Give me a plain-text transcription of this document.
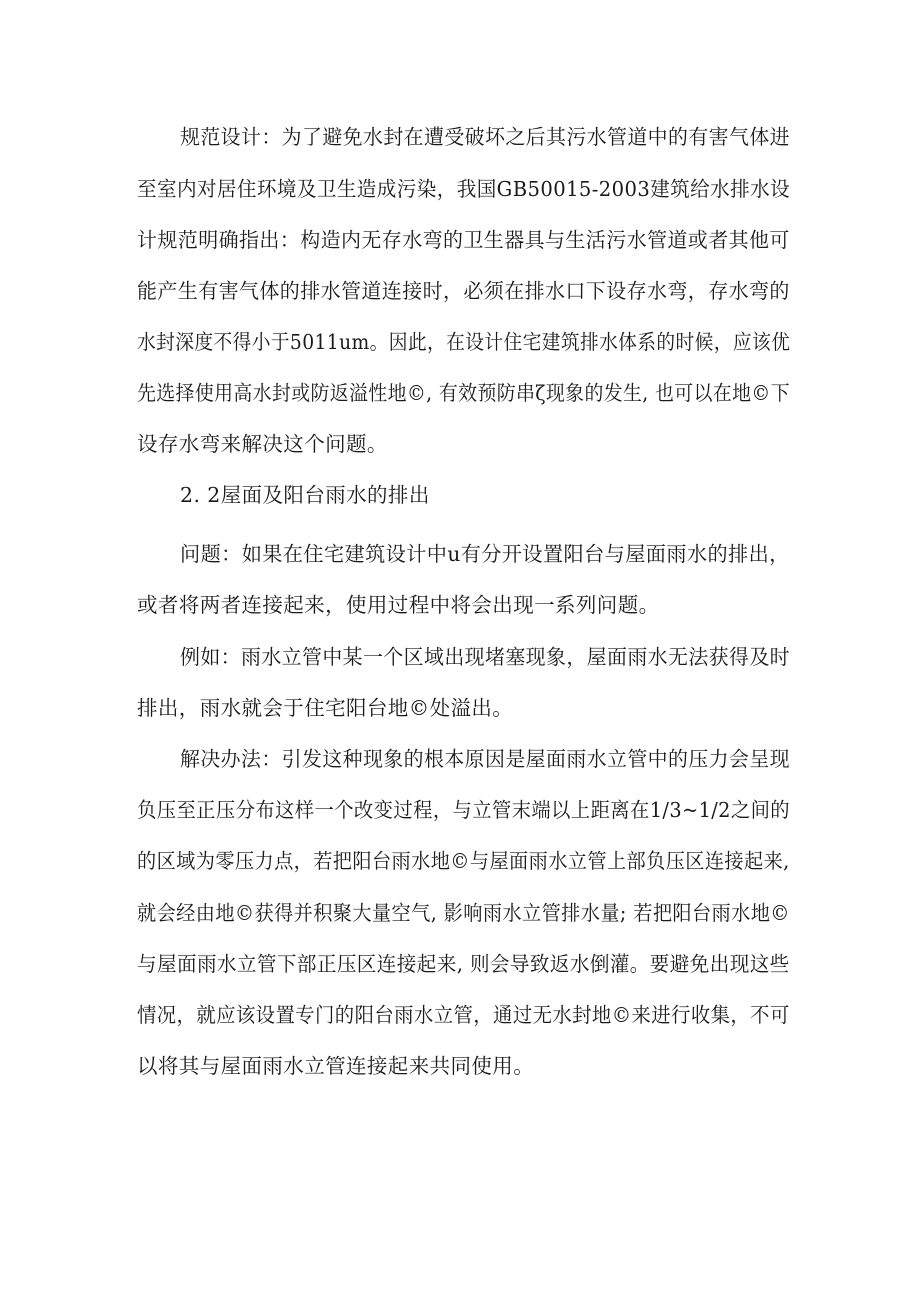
规范设计：为了避免水封在遭受破坏之后其污水管道中的有害气体进
至室内对居住环境及卫生造成污染，我国GB50015-2003建筑给水排水设
计规范明确指出：构造内无存水弯的卫生器具与生活污水管道或者其他可
能产生有害气体的排水管道连接时，必须在排水口下设存水弯，存水弯的
水封深度不得小于5011um。因此，在设计住宅建筑排水体系的时候，应该优
先选择使用高水封或防返溢性地©, 有效预防串ζ现象的发生, 也可以在地©下
设存水弯来解决这个问题。
2. 2屋面及阳台雨水的排出
问题：如果在住宅建筑设计中u有分开设置阳台与屋面雨水的排出，
或者将两者连接起来，使用过程中将会出现一系列问题。
例如：雨水立管中某一个区域出现堵塞现象，屋面雨水无法获得及时
排出，雨水就会于住宅阳台地©处溢出。
解决办法：引发这种现象的根本原因是屋面雨水立管中的压力会呈现
负压至正压分布这样一个改变过程，与立管末端以上距离在1/3~1/2之间的
的区域为零压力点，若把阳台雨水地©与屋面雨水立管上部负压区连接起来,
就会经由地©获得并积聚大量空气, 影响雨水立管排水量; 若把阳台雨水地©
与屋面雨水立管下部正压区连接起来, 则会导致返水倒灌。要避免出现这些
情况，就应该设置专门的阳台雨水立管，通过无水封地©来进行收集，不可
以将其与屋面雨水立管连接起来共同使用。
